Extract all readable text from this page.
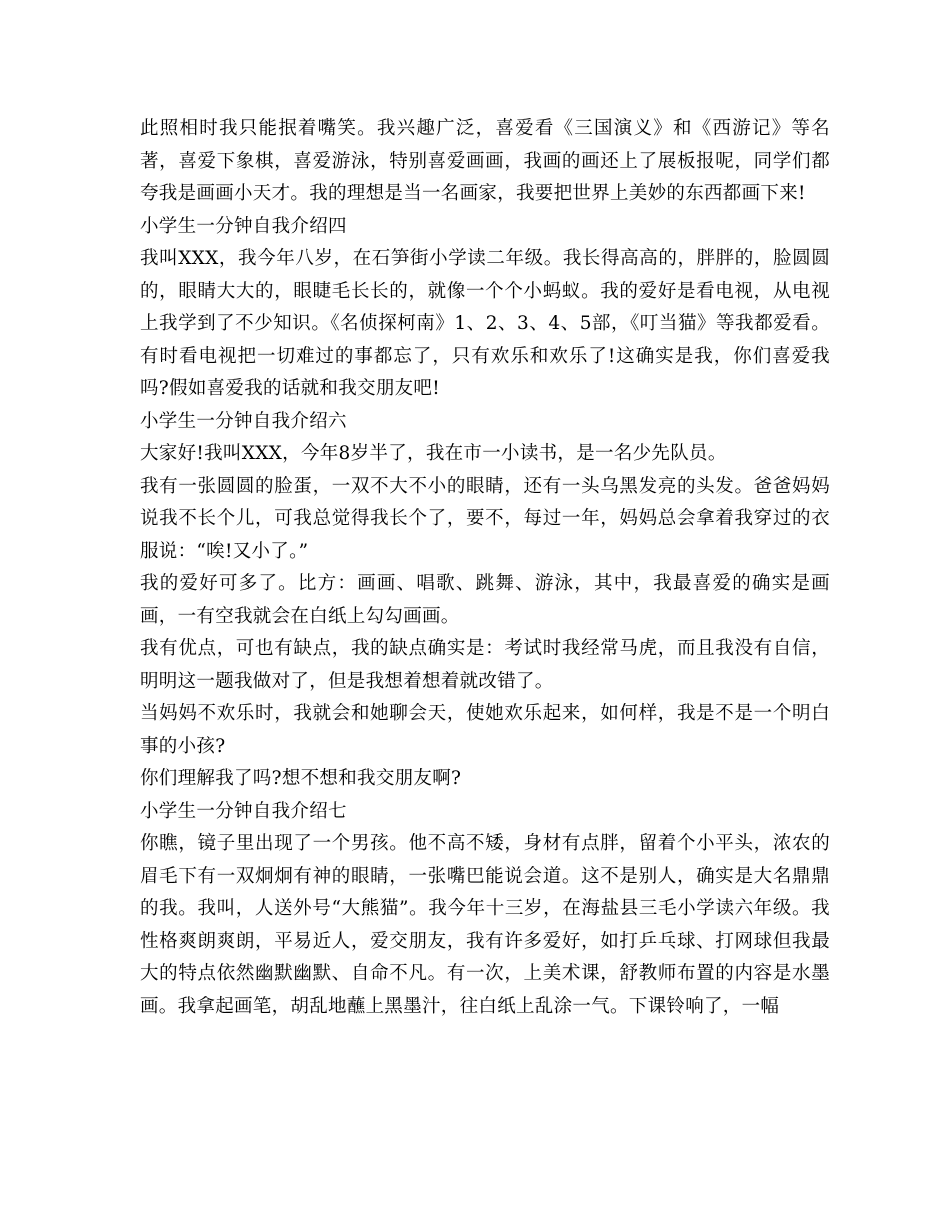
此照相时我只能抿着嘴笑。我兴趣广泛，喜爱看《三国演义》和《西游记》等名著，喜爱下象棋，喜爱游泳，特别喜爱画画，我画的画还上了展板报呢，同学们都夸我是画画小天才。我的理想是当一名画家，我要把世界上美妙的东西都画下来!

小学生一分钟自我介绍四

我叫XXX，我今年八岁，在石笋街小学读二年级。我长得高高的，胖胖的，脸圆圆的，眼睛大大的，眼睫毛长长的，就像一个个小蚂蚁。我的爱好是看电视，从电视上我学到了不少知识。《名侦探柯南》1、2、3、4、5部，《叮当猫》等我都爱看。有时看电视把一切难过的事都忘了，只有欢乐和欢乐了!这确实是我，你们喜爱我吗?假如喜爱我的话就和我交朋友吧!

小学生一分钟自我介绍六

大家好!我叫XXX，今年8岁半了，我在市一小读书，是一名少先队员。

我有一张圆圆的脸蛋，一双不大不小的眼睛，还有一头乌黑发亮的头发。爸爸妈妈说我不长个儿，可我总觉得我长个了，要不，每过一年，妈妈总会拿着我穿过的衣服说：“唉!又小了。”

我的爱好可多了。比方：画画、唱歌、跳舞、游泳，其中，我最喜爱的确实是画画，一有空我就会在白纸上勾勾画画。

我有优点，可也有缺点，我的缺点确实是：考试时我经常马虎，而且我没有自信，明明这一题我做对了，但是我想着想着就改错了。

当妈妈不欢乐时，我就会和她聊会天，使她欢乐起来，如何样，我是不是一个明白事的小孩?

你们理解我了吗?想不想和我交朋友啊?

小学生一分钟自我介绍七

你瞧，镜子里出现了一个男孩。他不高不矮，身材有点胖，留着个小平头，浓农的眉毛下有一双炯炯有神的眼睛，一张嘴巴能说会道。这不是别人，确实是大名鼎鼎的我。我叫，人送外号“大熊猫”。我今年十三岁，在海盐县三毛小学读六年级。我性格爽朗爽朗，平易近人，爱交朋友，我有许多爱好，如打乒乓球、打网球但我最大的特点依然幽默幽默、自命不凡。有一次，上美术课，舒教师布置的内容是水墨画。我拿起画笔，胡乱地蘸上黑墨汁，往白纸上乱涂一气。下课铃响了，一幅
